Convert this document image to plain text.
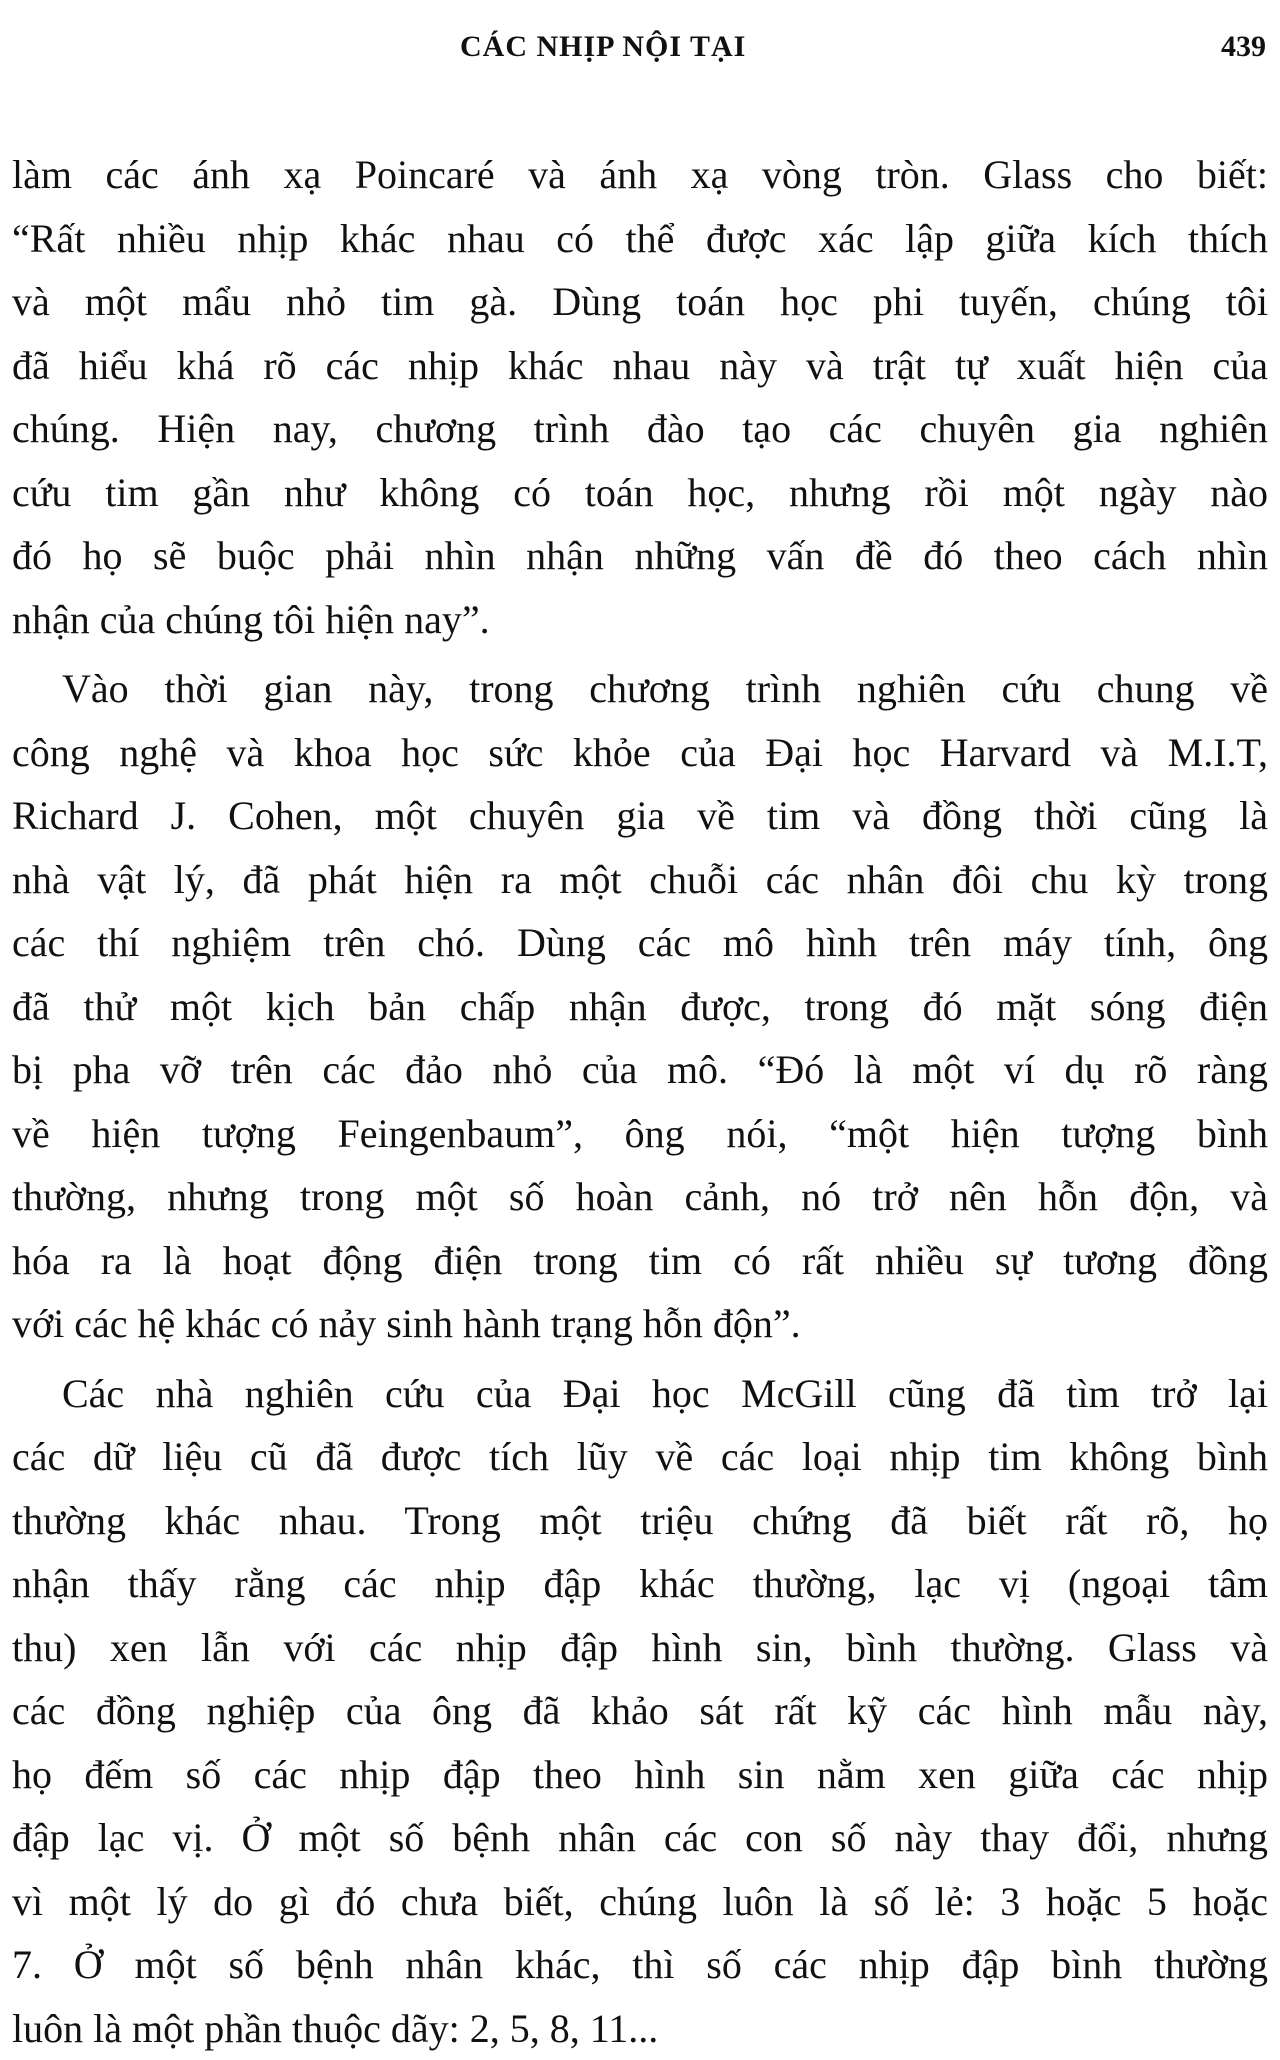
CÁC NHỊP NỘI TẠI	439
làm các ánh xạ Poincaré và ánh xạ vòng tròn. Glass cho biết:
“Rất nhiều nhịp khác nhau có thể được xác lập giữa kích thích
và một mẩu nhỏ tim gà. Dùng toán học phi tuyến, chúng tôi
đã hiểu khá rõ các nhịp khác nhau này và trật tự xuất hiện của
chúng. Hiện nay, chương trình đào tạo các chuyên gia nghiên
cứu tim gần như không có toán học, nhưng rồi một ngày nào
đó họ sẽ buộc phải nhìn nhận những vấn đề đó theo cách nhìn
nhận của chúng tôi hiện nay”.
Vào thời gian này, trong chương trình nghiên cứu chung về
công nghệ và khoa học sức khỏe của Đại học Harvard và M.I.T,
Richard J. Cohen, một chuyên gia về tim và đồng thời cũng là
nhà vật lý, đã phát hiện ra một chuỗi các nhân đôi chu kỳ trong
các thí nghiệm trên chó. Dùng các mô hình trên máy tính, ông
đã thử một kịch bản chấp nhận được, trong đó mặt sóng điện
bị pha vỡ trên các đảo nhỏ của mô. “Đó là một ví dụ rõ ràng
về hiện tượng Feingenbaum”, ông nói, “một hiện tượng bình
thường, nhưng trong một số hoàn cảnh, nó trở nên hỗn độn, và
hóa ra là hoạt động điện trong tim có rất nhiều sự tương đồng
với các hệ khác có nảy sinh hành trạng hỗn độn”.
Các nhà nghiên cứu của Đại học McGill cũng đã tìm trở lại
các dữ liệu cũ đã được tích lũy về các loại nhịp tim không bình
thường khác nhau. Trong một triệu chứng đã biết rất rõ, họ
nhận thấy rằng các nhịp đập khác thường, lạc vị (ngoại tâm
thu) xen lẫn với các nhịp đập hình sin, bình thường. Glass và
các đồng nghiệp của ông đã khảo sát rất kỹ các hình mẫu này,
họ đếm số các nhịp đập theo hình sin nằm xen giữa các nhịp
đập lạc vị. Ở một số bệnh nhân các con số này thay đổi, nhưng
vì một lý do gì đó chưa biết, chúng luôn là số lẻ: 3 hoặc 5 hoặc
7. Ở một số bệnh nhân khác, thì số các nhịp đập bình thường
luôn là một phần thuộc dãy: 2, 5, 8, 11...
